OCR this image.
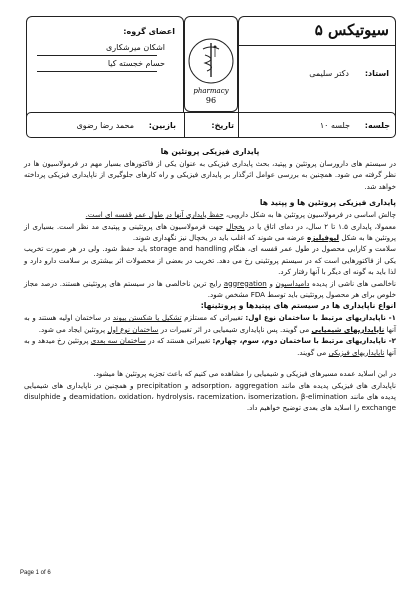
سیوتیکس ۵
استاد:
دکتر سلیمی
اعضای گروه:
اشکان میرشکاری
حسام خجسته کیا
pharmacy
96
جلسه:
جلسه ۱۰
تاریخ:
بازبین:
محمد رضا رضوی

پایداری فیزیکی پروتئین ها

در سیستم های دارورسان پروتئین و پپتید، بحث پایداری فیزیکی به عنوان یکی از فاکتورهای بسیار مهم در فرمولاسیون ها در نظر گرفته می شود. همچنین به بررسی عوامل اثرگذار بر پایداری فیزیکی و راه کارهای جلوگیری از ناپایداری فیزیکی پرداخته خواهد شد.

پایداری فیزیکی پروتئین ها و پپتید ها

چالش اساسی در فرمولاسیون پروتئین ها به شکل دارویی، حفظ پایداری آنها در طول عمر قفسه ای است.

معمولا، پایداری ۱.۵ تا ۲ سال، در دمای اتاق یا در یخچال جهت فرمولاسیون های پروتئینی و پپتیدی مد نظر است. بسیاری از پروتئین ها به شکل لیوفیلیزه عرضه می شوند که اغلب باید در یخچال نیز نگهداری شوند.

سلامت و کارایی محصول در طول عمر قفسه ای، هنگام storage and handling باید حفظ شود. ولی در هر صورت تخریب یکی از فاکتورهایی است که در سیستم پروتئینی رخ می دهد. تخریب در بعضی از محصولات اثر بیشتری بر سلامت دارو دارد و لذا باید به گونه ای دیگر با آنها رفتار کرد.

ناخالصی های ناشی از پدیده دامیداسیون و aggregation رایج ترین ناخالصی ها در سیستم های پروتئینی هستند. درصد مجاز خلوص برای هر محصول پروتئینی باید توسط FDA مشخص شود.

انواع ناپایداری ها در سیستم های پپتیدها و پروتئینها:

۱- ناپایداریهای مرتبط با ساختمان نوع اول: تغییراتی که مستلزم تشکیل یا شکستن پیوند در ساختمان اولیه هستند و به آنها ناپایداریهای شیمیایی می گویند. پس ناپایداری شیمیایی در اثر تغییرات در ساختمان نوع اول پروتئین ایجاد می شود.

۲- ناپایداریهای مرتبط با ساختمان دوم، سوم، چهارم: تغییراتی هستند که در ساختمان سه بعدی پروتئین رخ میدهد و به آنها ناپایداریهای فیزیکی می گویند.

در این اسلاید عمده مسیرهای فیزیکی و شیمیایی را مشاهده می کنیم که باعث تجزیه پروتئین ها میشود.

ناپایداری های فیزیکی پدیده های مانند adsorption، aggregation و precipitation و همچنین در ناپایداری های شیمیایی پدیده های مانند deamidation، oxidation، hydrolysis، racemization، isomerization، β-elimination و disulphide exchange را اسلاید های بعدی توضیح خواهیم داد.

Page 1 of 6
